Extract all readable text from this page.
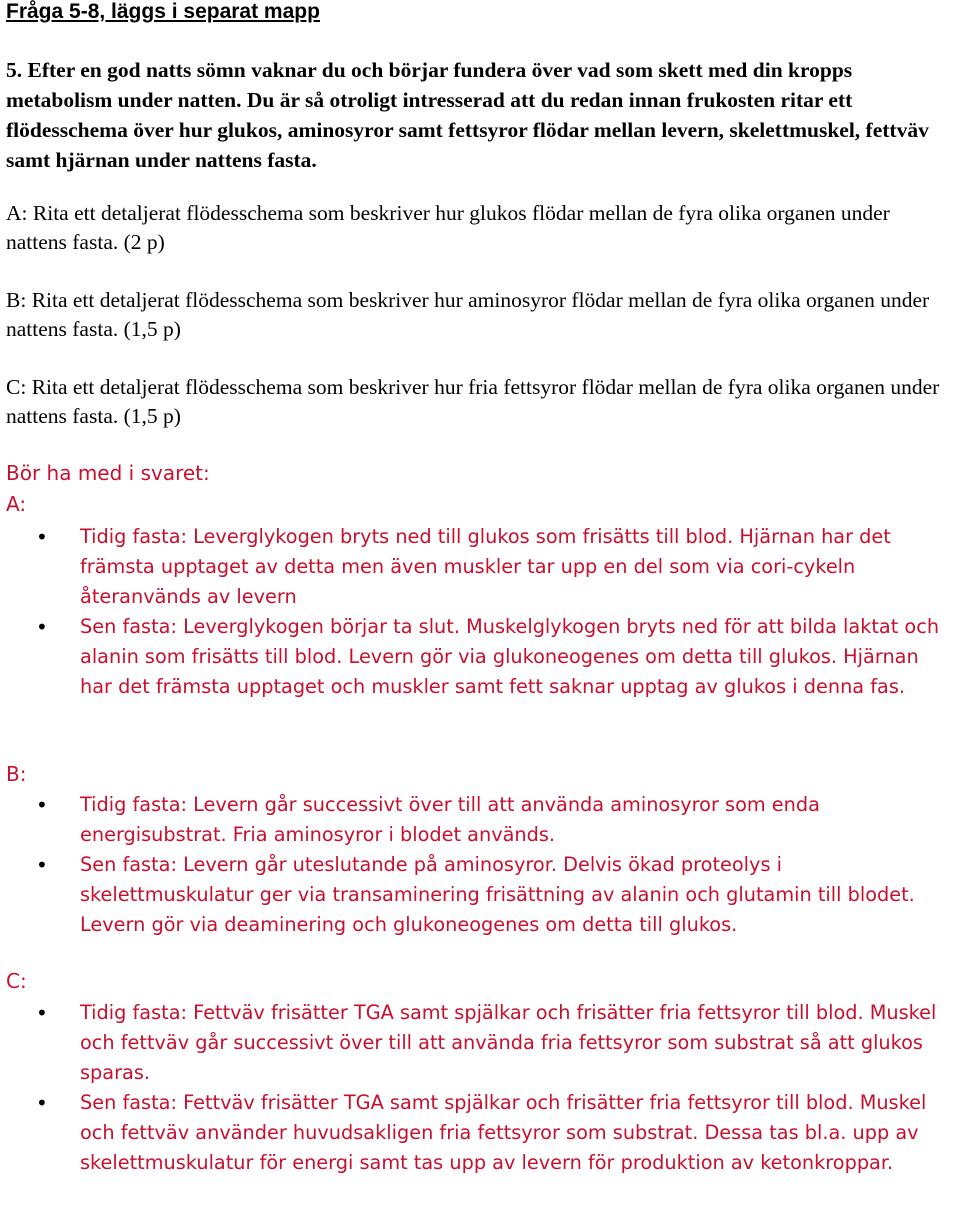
Fråga 5-8, läggs i separat mapp

5. Efter en god natts sömn vaknar du och börjar fundera över vad som skett med din kropps metabolism under natten. Du är så otroligt intresserad att du redan innan frukosten ritar ett flödesschema över hur glukos, aminosyror samt fettsyror flödar mellan levern, skelettmuskel, fettväv samt hjärnan under nattens fasta.

A: Rita ett detaljerat flödesschema som beskriver hur glukos flödar mellan de fyra olika organen under nattens fasta. (2 p)

B: Rita ett detaljerat flödesschema som beskriver hur aminosyror flödar mellan de fyra olika organen under nattens fasta. (1,5 p)

C: Rita ett detaljerat flödesschema som beskriver hur fria fettsyror flödar mellan de fyra olika organen under nattens fasta. (1,5 p)

Bör ha med i svaret:

A:

• Tidig fasta: Leverglykogen bryts ned till glukos som frisätts till blod. Hjärnan har det främsta upptaget av detta men även muskler tar upp en del som via cori-cykeln återanvänds av levern
• Sen fasta: Leverglykogen börjar ta slut. Muskelglykogen bryts ned för att bilda laktat och alanin som frisätts till blod. Levern gör via glukoneogenes om detta till glukos. Hjärnan har det främsta upptaget och muskler samt fett saknar upptag av glukos i denna fas.

B:

• Tidig fasta: Levern går successivt över till att använda aminosyror som enda energisubstrat. Fria aminosyror i blodet används.
• Sen fasta: Levern går uteslutande på aminosyror. Delvis ökad proteolys i skelettmuskulatur ger via transaminering frisättning av alanin och glutamin till blodet. Levern gör via deaminering och glukoneogenes om detta till glukos.

C:

• Tidig fasta: Fettväv frisätter TGA samt spjälkar och frisätter fria fettsyror till blod. Muskel och fettväv går successivt över till att använda fria fettsyror som substrat så att glukos sparas.
• Sen fasta: Fettväv frisätter TGA samt spjälkar och frisätter fria fettsyror till blod. Muskel och fettväv använder huvudsakligen fria fettsyror som substrat. Dessa tas bl.a. upp av skelettmuskulatur för energi samt tas upp av levern för produktion av ketonkroppar.
